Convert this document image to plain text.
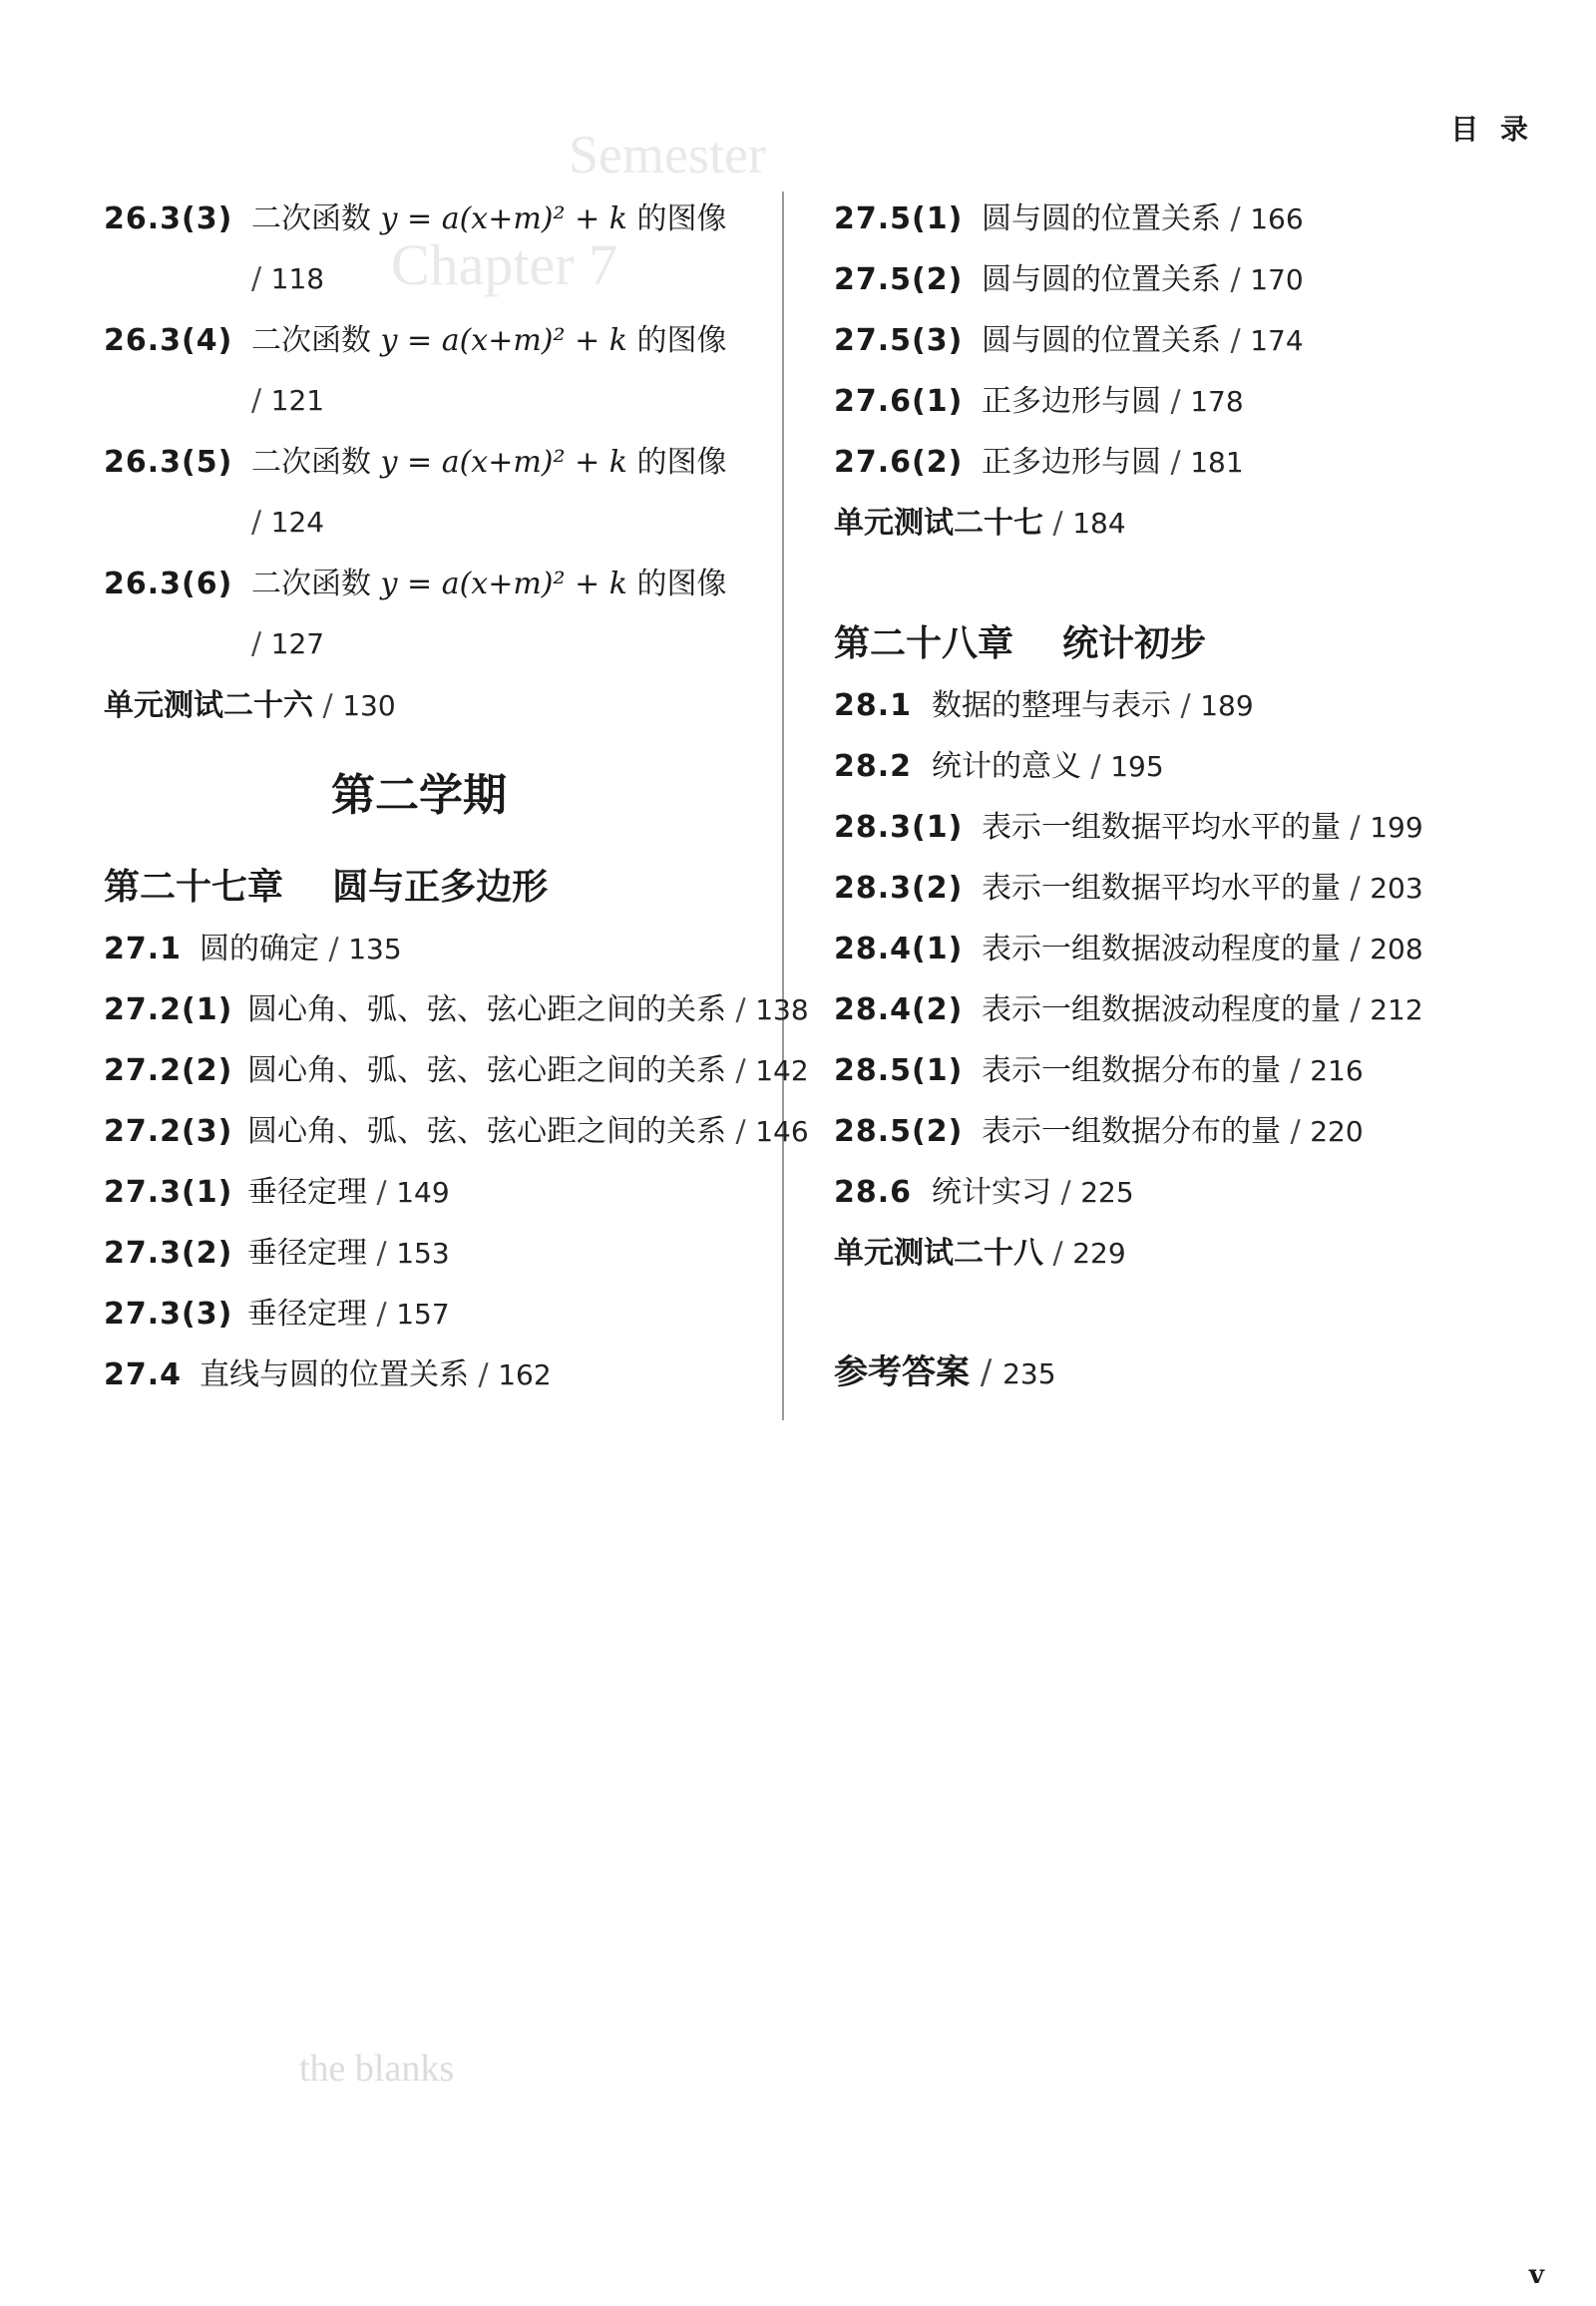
Semester
Chapter 7
the blanks
目 录
26.3(3) 二次函数 y = a(x+m)² + k 的图像
/ 118
26.3(4) 二次函数 y = a(x+m)² + k 的图像
/ 121
26.3(5) 二次函数 y = a(x+m)² + k 的图像
/ 124
26.3(6) 二次函数 y = a(x+m)² + k 的图像
/ 127
单元测试二十六 / 130
第二学期
第二十七章 圆与正多边形
27.1 圆的确定 / 135
27.2(1) 圆心角、弧、弦、弦心距之间的关系 / 138
27.2(2) 圆心角、弧、弦、弦心距之间的关系 / 142
27.2(3) 圆心角、弧、弦、弦心距之间的关系 / 146
27.3(1) 垂径定理 / 149
27.3(2) 垂径定理 / 153
27.3(3) 垂径定理 / 157
27.4 直线与圆的位置关系 / 162
27.5(1) 圆与圆的位置关系 / 166
27.5(2) 圆与圆的位置关系 / 170
27.5(3) 圆与圆的位置关系 / 174
27.6(1) 正多边形与圆 / 178
27.6(2) 正多边形与圆 / 181
单元测试二十七 / 184
第二十八章 统计初步
28.1 数据的整理与表示 / 189
28.2 统计的意义 / 195
28.3(1) 表示一组数据平均水平的量 / 199
28.3(2) 表示一组数据平均水平的量 / 203
28.4(1) 表示一组数据波动程度的量 / 208
28.4(2) 表示一组数据波动程度的量 / 212
28.5(1) 表示一组数据分布的量 / 216
28.5(2) 表示一组数据分布的量 / 220
28.6 统计实习 / 225
单元测试二十八 / 229
参考答案 / 235
v
